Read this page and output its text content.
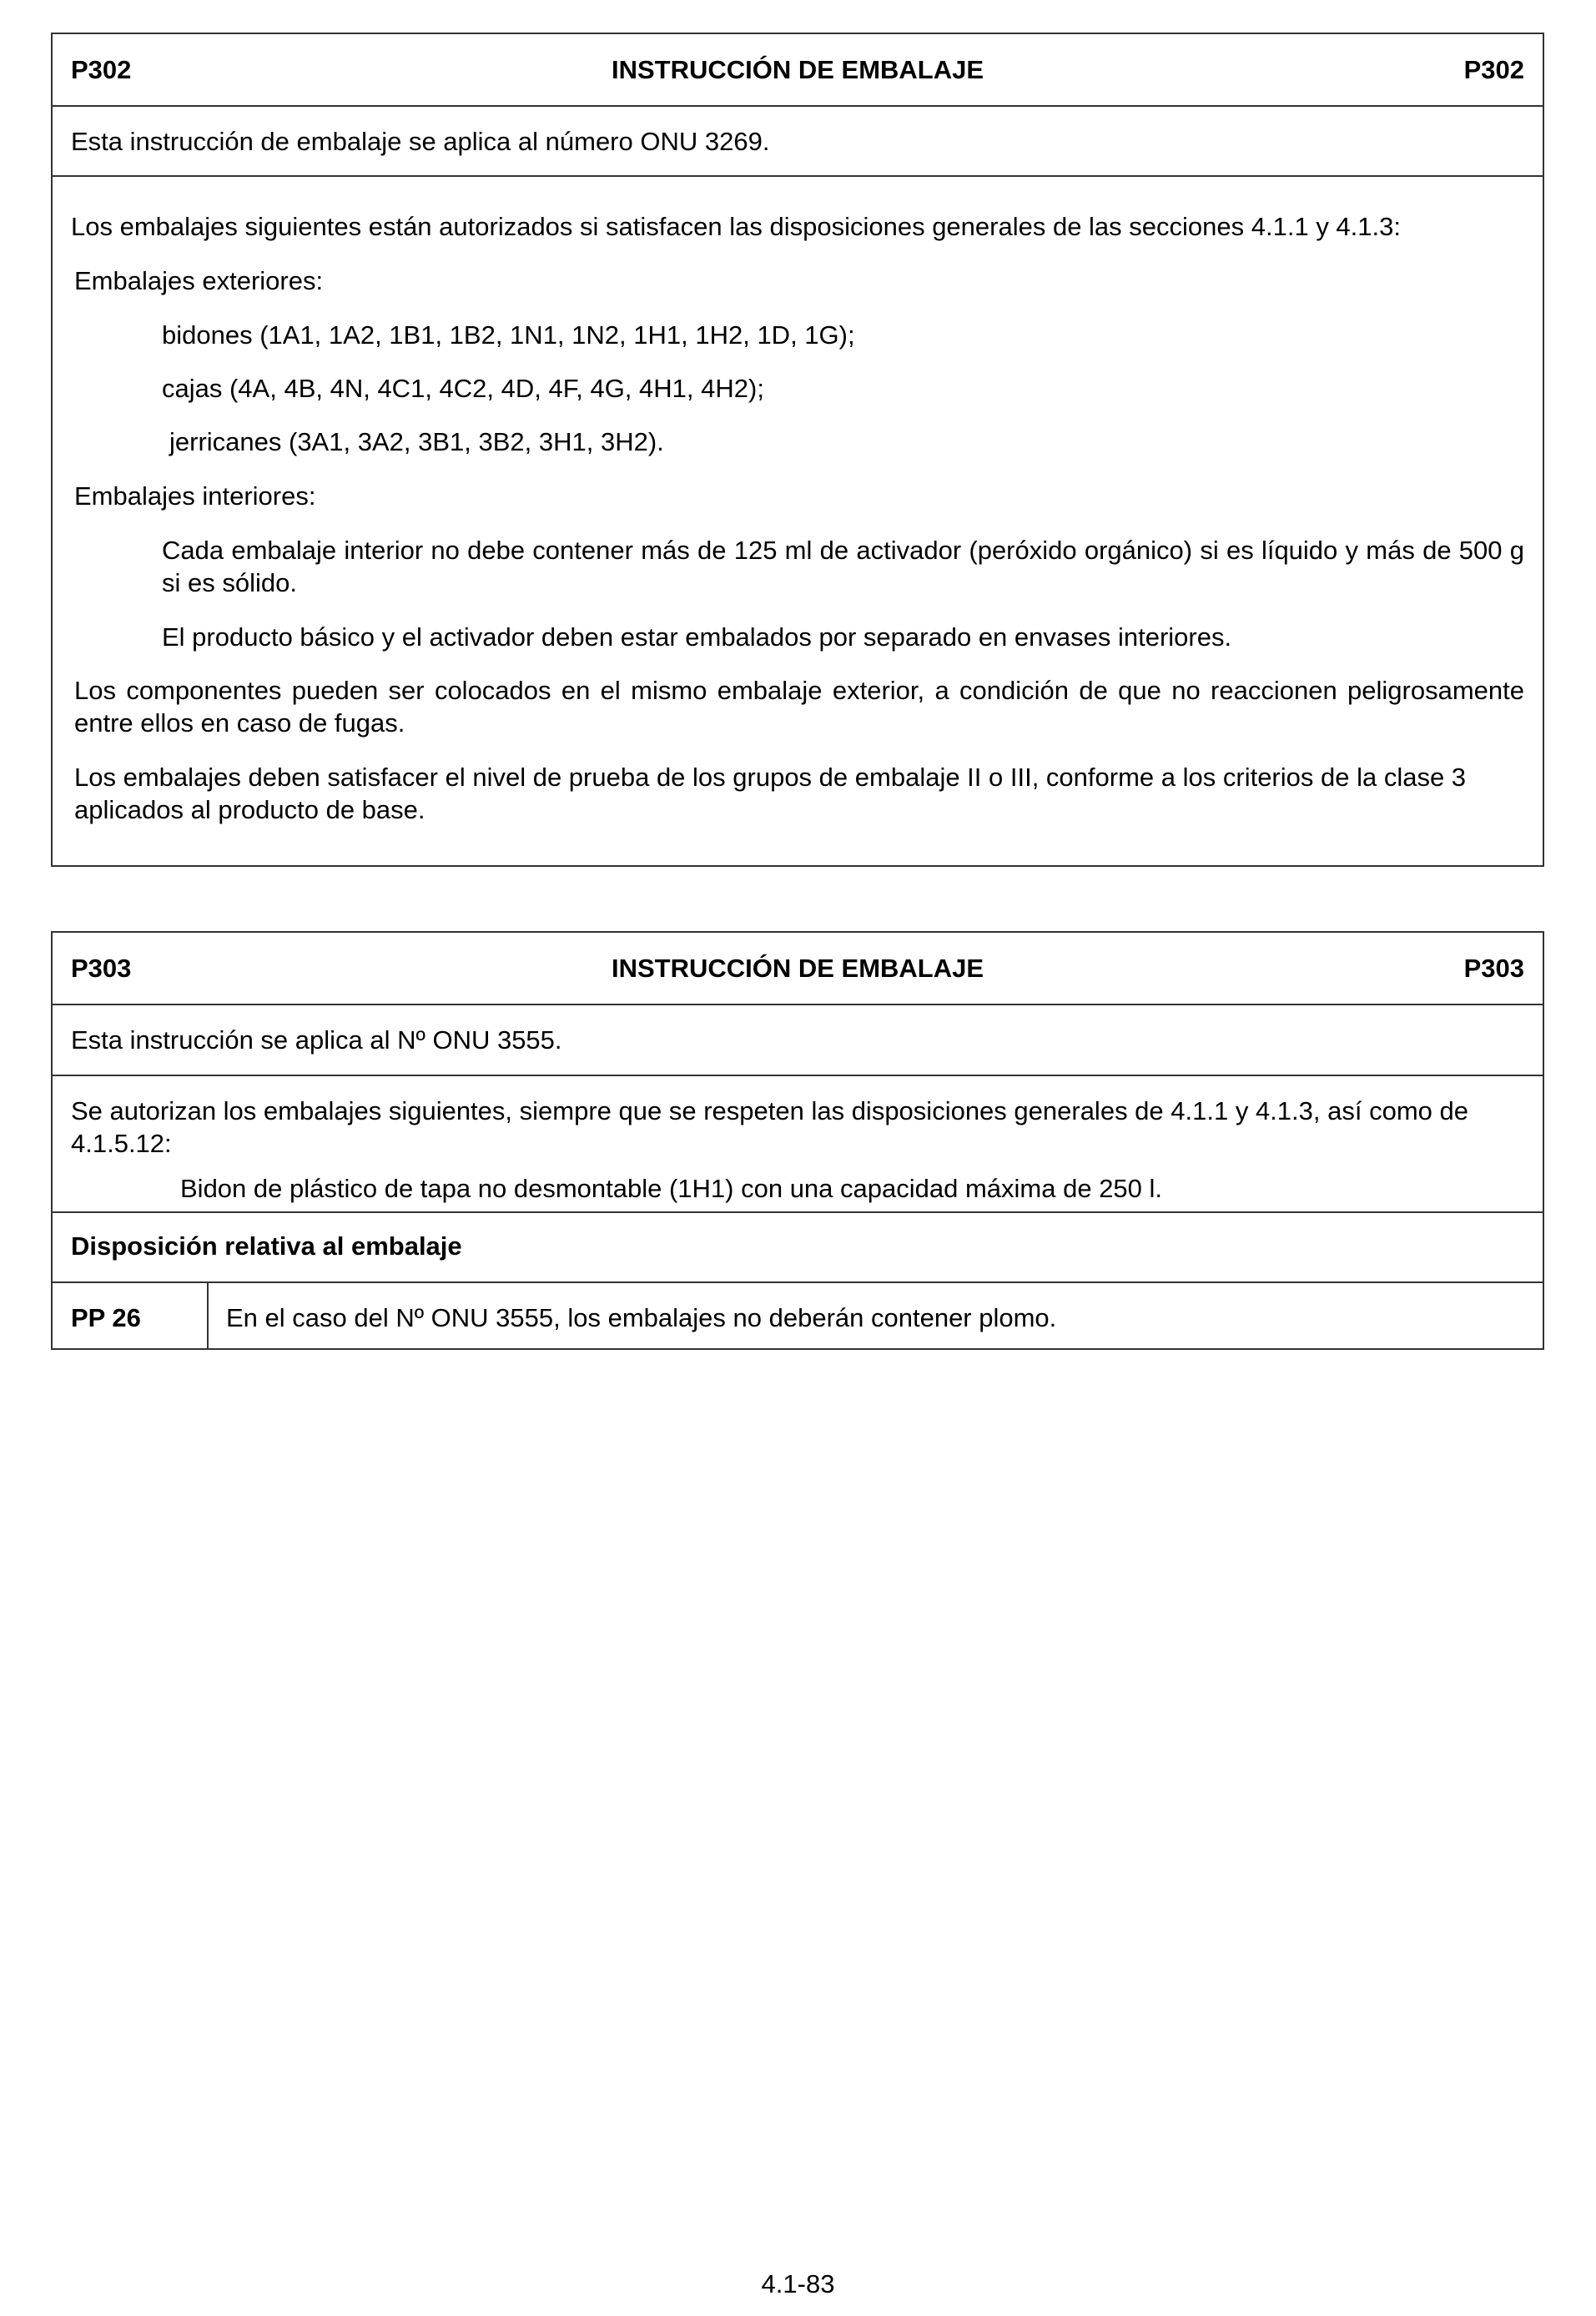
P302	INSTRUCCIÓN DE EMBALAJE	P302
Esta instrucción de embalaje se aplica al número ONU 3269.
Los embalajes siguientes están autorizados si satisfacen las disposiciones generales de las secciones 4.1.1 y 4.1.3:
Embalajes exteriores:
bidones (1A1, 1A2, 1B1, 1B2, 1N1, 1N2, 1H1, 1H2, 1D, 1G);
cajas (4A, 4B, 4N, 4C1, 4C2, 4D, 4F, 4G, 4H1, 4H2);
jerricanes (3A1, 3A2, 3B1, 3B2, 3H1, 3H2).
Embalajes interiores:
Cada embalaje interior no debe contener más de 125 ml de activador (peróxido orgánico) si es líquido y más de 500 g si es sólido.
El producto básico y el activador deben estar embalados por separado en envases interiores.
Los componentes pueden ser colocados en el mismo embalaje exterior, a condición de que no reaccionen peligrosamente entre ellos en caso de fugas.
Los embalajes deben satisfacer el nivel de prueba de los grupos de embalaje II o III, conforme a los criterios de la clase 3 aplicados al producto de base.
P303	INSTRUCCIÓN DE EMBALAJE	P303
Esta instrucción se aplica al Nº ONU 3555.
Se autorizan los embalajes siguientes, siempre que se respeten las disposiciones generales de 4.1.1 y 4.1.3, así como de 4.1.5.12:
Bidon de plástico de tapa no desmontable (1H1) con una capacidad máxima de 250 l.
Disposición relativa al embalaje
PP 26	En el caso del Nº ONU 3555, los embalajes no deberán contener plomo.
4.1-83
